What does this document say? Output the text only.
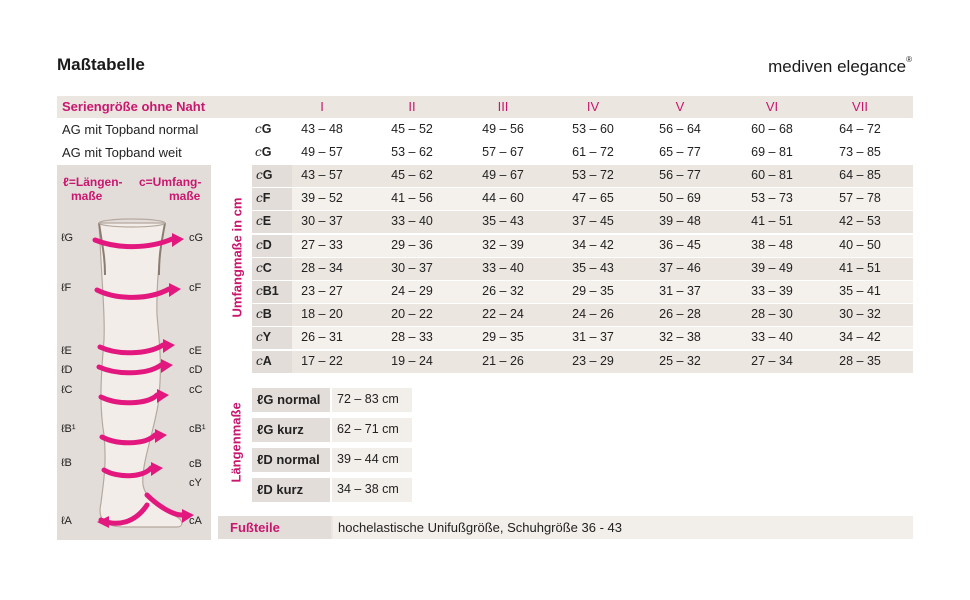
Maßtabelle	mediven elegance®
Seriengröße ohne Naht
ℓ=Längen-
maße
c=Umfang-
maße
ℓG
ℓF
ℓE
ℓD
ℓC
ℓB¹
ℓB
ℓA
cG
cF
cE
cD
cC
cB¹
cB
cY
cA
Umfangmaße in cm
Längenmaße
Fußteile	hochelastische Unifußgröße, Schuhgröße 36 - 43
I	II	III	IV	V	VI	VII
AG mit Topband normal	cG	43 – 48	45 – 52	49 – 56	53 – 60	56 – 64	60 – 68	64 – 72
AG mit Topband weit	cG	49 – 57	53 – 62	57 – 67	61 – 72	65 – 77	69 – 81	73 – 85
cG	43 – 57	45 – 62	49 – 67	53 – 72	56 – 77	60 – 81	64 – 85
cF	39 – 52	41 – 56	44 – 60	47 – 65	50 – 69	53 – 73	57 – 78
cE	30 – 37	33 – 40	35 – 43	37 – 45	39 – 48	41 – 51	42 – 53
cD	27 – 33	29 – 36	32 – 39	34 – 42	36 – 45	38 – 48	40 – 50
cC	28 – 34	30 – 37	33 – 40	35 – 43	37 – 46	39 – 49	41 – 51
cB1	23 – 27	24 – 29	26 – 32	29 – 35	31 – 37	33 – 39	35 – 41
cB	18 – 20	20 – 22	22 – 24	24 – 26	26 – 28	28 – 30	30 – 32
cY	26 – 31	28 – 33	29 – 35	31 – 37	32 – 38	33 – 40	34 – 42
cA	17 – 22	19 – 24	21 – 26	23 – 29	25 – 32	27 – 34	28 – 35
ℓG normal 72 – 83 cm
ℓG kurz	62 – 71 cm
ℓD normal 39 – 44 cm
ℓD kurz	34 – 38 cm
